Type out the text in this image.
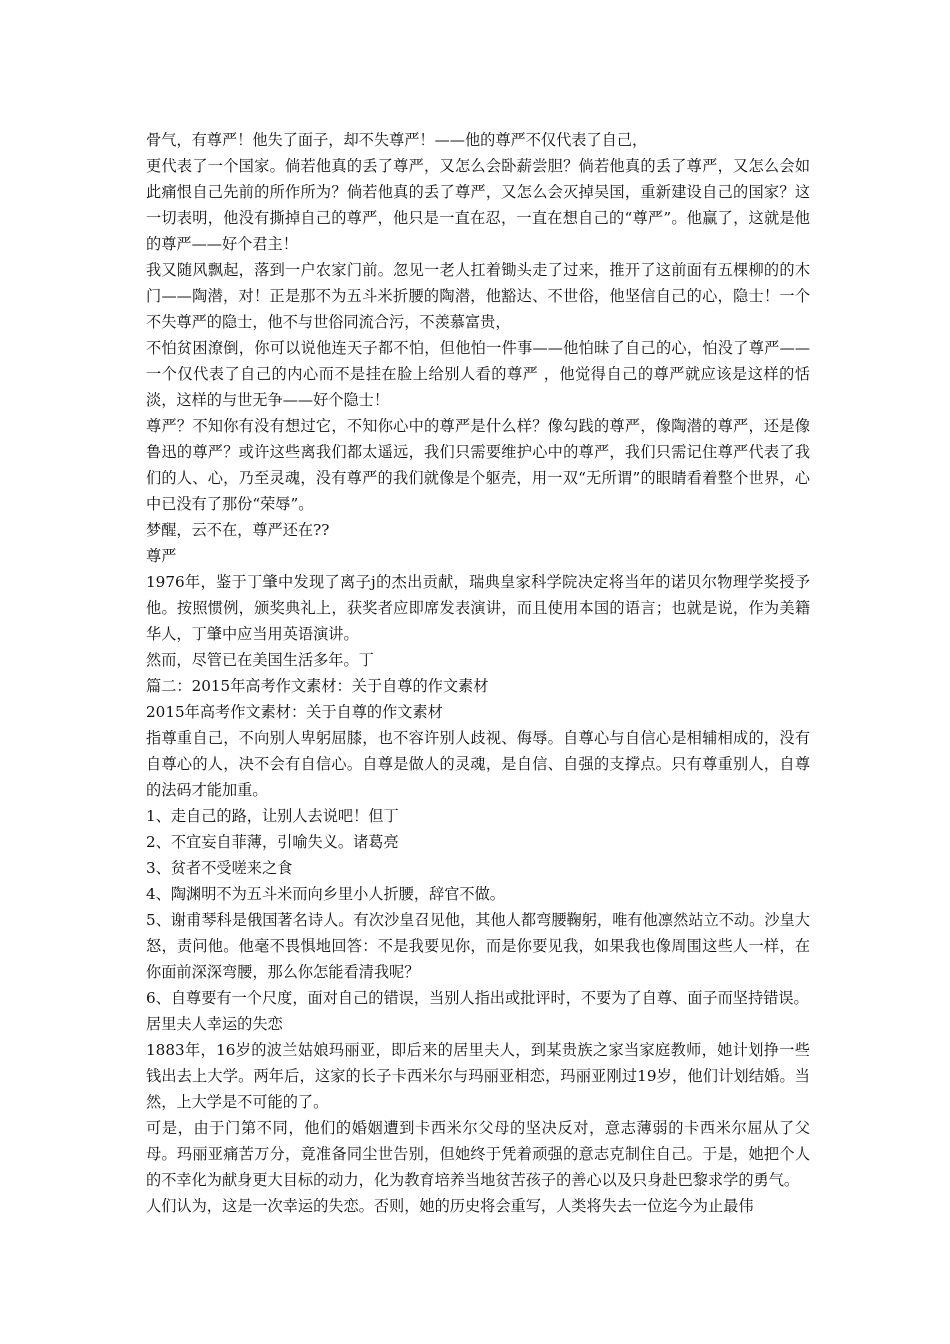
骨气，有尊严！他失了面子，却不失尊严！——他的尊严不仅代表了自己，

更代表了一个国家。倘若他真的丢了尊严，又怎么会卧薪尝胆？倘若他真的丢了尊严，又怎么会如此痛恨自己先前的所作所为？倘若他真的丢了尊严，又怎么会灭掉吴国，重新建设自己的国家？这一切表明，他没有撕掉自己的尊严，他只是一直在忍，一直在想自己的“尊严”。他赢了，这就是他的尊严——好个君主！

我又随风飘起，落到一户农家门前。忽见一老人扛着锄头走了过来，推开了这前面有五棵柳的的木门——陶潜，对！正是那不为五斗米折腰的陶潜，他豁达、不世俗，他坚信自己的心，隐士！一个不失尊严的隐士，他不与世俗同流合污，不羡慕富贵，

不怕贫困潦倒，你可以说他连天子都不怕，但他怕一件事——他怕昧了自己的心，怕没了尊严——一个仅代表了自己的内心而不是挂在脸上给别人看的尊严 ，他觉得自己的尊严就应该是这样的恬淡，这样的与世无争——好个隐士！

尊严？不知你有没有想过它，不知你心中的尊严是什么样？像勾践的尊严，像陶潜的尊严，还是像鲁迅的尊严？或许这些离我们都太遥远，我们只需要维护心中的尊严，我们只需记住尊严代表了我们的人、心，乃至灵魂，没有尊严的我们就像是个躯壳，用一双“无所谓”的眼睛看着整个世界，心中已没有了那份“荣辱”。

梦醒，云不在，尊严还在??

尊严

1976年，鉴于丁肇中发现了离子j的杰出贡献，瑞典皇家科学院决定将当年的诺贝尔物理学奖授予他。按照惯例，颁奖典礼上，获奖者应即席发表演讲，而且使用本国的语言；也就是说，作为美籍华人，丁肇中应当用英语演讲。

然而，尽管已在美国生活多年。丁

篇二：2015年高考作文素材：关于自尊的作文素材

2015年高考作文素材：关于自尊的作文素材

指尊重自己，不向别人卑躬屈膝，也不容许别人歧视、侮辱。自尊心与自信心是相辅相成的，没有自尊心的人，决不会有自信心。自尊是做人的灵魂，是自信、自强的支撑点。只有尊重别人，自尊的法码才能加重。

1、走自己的路，让别人去说吧！但丁

2、不宜妄自菲薄，引喻失义。诸葛亮

3、贫者不受嗟来之食

4、陶渊明不为五斗米而向乡里小人折腰，辞官不做。

5、谢甫琴科是俄国著名诗人。有次沙皇召见他，其他人都弯腰鞠躬，唯有他凛然站立不动。沙皇大怒，责问他。他毫不畏惧地回答：不是我要见你，而是你要见我，如果我也像周围这些人一样，在你面前深深弯腰，那么你怎能看清我呢？

6、自尊要有一个尺度，面对自己的错误，当别人指出或批评时，不要为了自尊、面子而坚持错误。

居里夫人幸运的失恋

1883年，16岁的波兰姑娘玛丽亚，即后来的居里夫人，到某贵族之家当家庭教师，她计划挣一些钱出去上大学。两年后，这家的长子卡西米尔与玛丽亚相恋，玛丽亚刚过19岁，他们计划结婚。当然，上大学是不可能的了。

可是，由于门第不同，他们的婚姻遭到卡西米尔父母的坚决反对，意志薄弱的卡西米尔屈从了父母。玛丽亚痛苦万分，竟准备同尘世告别，但她终于凭着顽强的意志克制住自己。于是，她把个人的不幸化为献身更大目标的动力，化为教育培养当地贫苦孩子的善心以及只身赴巴黎求学的勇气。

人们认为，这是一次幸运的失恋。否则，她的历史将会重写，人类将失去一位迄今为止最伟
